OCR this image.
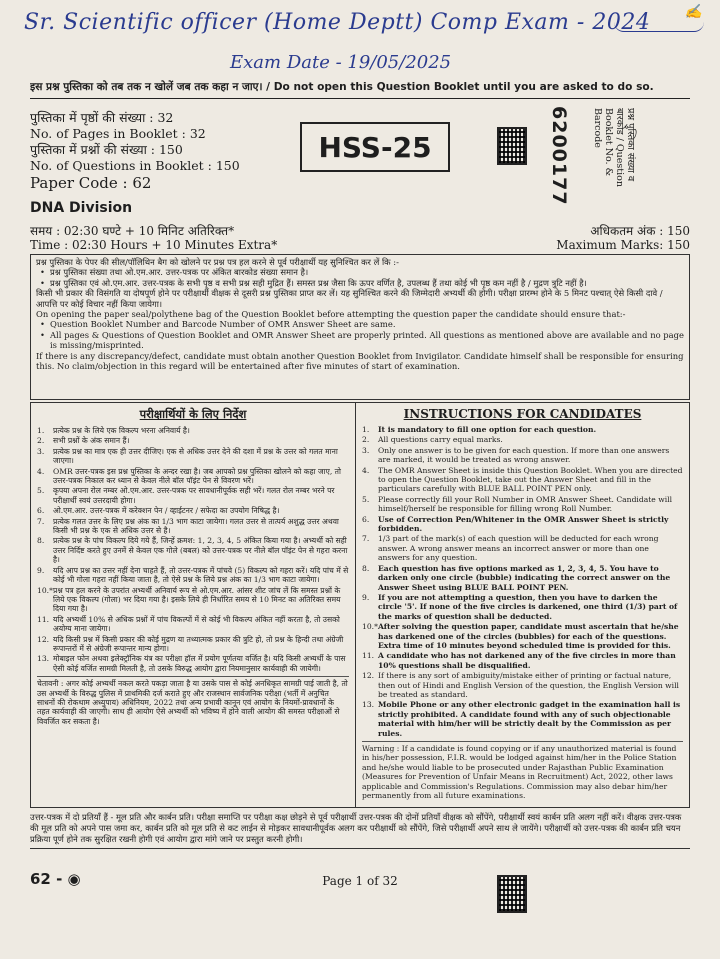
Sr. Scientific officer (Home Deptt) Comp Exam - 2024
Exam Date - 19/05/2025
✍
इस प्रश्न पुस्तिका को तब तक न खोलें जब तक कहा न जाए। / Do not open this Question Booklet until you are asked to do so.
पुस्तिका में पृष्ठों की संख्या : 32
No. of Pages in Booklet : 32
पुस्तिका में प्रश्नों की संख्या : 150
No. of Questions in Booklet : 150
Paper Code : 62
HSS-25	6200177	प्रश्न पुस्तिका संख्या व बारकोड / Question Booklet No. & Barcode
DNA Division
समय : 02:30 घण्टे + 10 मिनिट अतिरिक्त*	अधिकतम अंक : 150
Time : 02:30 Hours + 10 Minutes Extra*	Maximum Marks: 150

प्रश्न पुस्तिका के पेपर की सील/पॉलिथिन बैग को खोलने पर प्रश्न पत्र हल करने से पूर्व परीक्षार्थी यह सुनिश्चित कर लें कि :-

• प्रश्न पुस्तिका संख्या तथा ओ.एम.आर. उत्तर-पत्रक पर अंकित बारकोड संख्या समान है।

• प्रश्न पुस्तिका एवं ओ.एम.आर. उत्तर-पत्रक के सभी पृष्ठ व सभी प्रश्न सही मुद्रित हैं। समस्त प्रश्न जैसा कि ऊपर वर्णित है, उपलब्ध हैं तथा कोई भी पृष्ठ कम नहीं है / मुद्रण त्रुटि नहीं है।

किसी भी प्रकार की विसंगति या दोषपूर्ण होने पर परीक्षार्थी वीक्षक से दूसरी प्रश्न पुस्तिका प्राप्त कर लें। यह सुनिश्चित करने की जिम्मेदारी अभ्यर्थी की होगी। परीक्षा प्रारम्भ होने के 5 मिनट पश्चात् ऐसे किसी दावे / आपत्ति पर कोई विचार नहीं किया जायेगा।

On opening the paper seal/polythene bag of the Question Booklet before attempting the question paper the candidate should ensure that:-

• Question Booklet Number and Barcode Number of OMR Answer Sheet are same.

• All pages & Questions of Question Booklet and OMR Answer Sheet are properly printed. All questions as mentioned above are available and no page is missing/misprinted.

If there is any discrepancy/defect, candidate must obtain another Question Booklet from Invigilator. Candidate himself shall be responsible for ensuring this. No claim/objection in this regard will be entertained after five minutes of start of examination.

परीक्षार्थियों के लिए निर्देश
1. प्रत्येक प्रश्न के लिये एक विकल्प भरना अनिवार्य है।
2. सभी प्रश्नों के अंक समान हैं।
3. प्रत्येक प्रश्न का मात्र एक ही उत्तर दीजिए। एक से अधिक उत्तर देने की दशा में प्रश्न के उत्तर को गलत माना जाएगा।
4. OMR उत्तर-पत्रक इस प्रश्न पुस्तिका के अन्दर रखा है। जब आपको प्रश्न पुस्तिका खोलने को कहा जाए, तो उत्तर-पत्रक निकाल कर ध्यान से केवल नीले बॉल पॉइंट पेन से विवरण भरें।
5. कृपया अपना रोल नम्बर ओ.एम.आर. उत्तर-पत्रक पर सावधानीपूर्वक सही भरें। गलत रोल नम्बर भरने पर परीक्षार्थी स्वयं उत्तरदायी होगा।
6. ओ.एम.आर. उत्तर-पत्रक में करेक्शन पेन / व्हाईटनर / सफेदा का उपयोग निषिद्ध है।
7. प्रत्येक गलत उत्तर के लिए प्रश्न अंक का 1/3 भाग काटा जायेगा। गलत उत्तर से तात्पर्य अशुद्ध उत्तर अथवा किसी भी प्रश्न के एक से अधिक उत्तर से है।
8. प्रत्येक प्रश्न के पांच विकल्प दिये गये हैं, जिन्हें क्रमश: 1, 2, 3, 4, 5 अंकित किया गया है। अभ्यर्थी को सही उत्तर निर्दिष्ट करते हुए उनमें से केवल एक गोले (बबल) को उत्तर-पत्रक पर नीले बॉल पॉइंट पेन से गहरा करना है।
9. यदि आप प्रश्न का उत्तर नहीं देना चाहते हैं, तो उत्तर-पत्रक में पांचवे (5) विकल्प को गहरा करें। यदि पांच में से कोई भी गोला गहरा नहीं किया जाता है, तो ऐसे प्रश्न के लिये प्रश्न अंक का 1/3 भाग काटा जायेगा।
10.* प्रश्न पत्र हल करने के उपरांत अभ्यर्थी अनिवार्य रूप से ओ.एम.आर. आंसर शीट जांच लें कि समस्त प्रश्नों के लिये एक विकल्प (गोला) भर दिया गया है। इसके लिये ही निर्धारित समय से 10 मिनट का अतिरिक्त समय दिया गया है।
11. यदि अभ्यर्थी 10% से अधिक प्रश्नों में पांच विकल्पों में से कोई भी विकल्प अंकित नहीं करता है, तो उसको अयोग्य माना जायेगा।
12. यदि किसी प्रश्न में किसी प्रकार की कोई मुद्रण या तथ्यात्मक प्रकार की त्रुटि हो, तो प्रश्न के हिन्दी तथा अंग्रेजी रूपान्तरों में से अंग्रेजी रूपान्तर मान्य होगा।
13. मोबाइल फोन अथवा इलेक्ट्रॉनिक यंत्र का परीक्षा हॉल में प्रयोग पूर्णतया वर्जित है। यदि किसी अभ्यर्थी के पास ऐसी कोई वर्जित सामग्री मिलती है, तो उसके विरुद्ध आयोग द्वारा नियमानुसार कार्यवाही की जायेगी।
चेतावनी : अगर कोई अभ्यर्थी नकल करते पकड़ा जाता है या उसके पास से कोई अनधिकृत सामग्री पाई जाती है, तो उस अभ्यर्थी के विरुद्ध पुलिस में प्राथमिकी दर्ज कराते हुए और राजस्थान सार्वजनिक परीक्षा (भर्ती में अनुचित साधनों की रोकथाम अध्युपाय) अधिनियम, 2022 तथा अन्य प्रभावी कानून एवं आयोग के नियमों-प्रावधानों के तहत कार्यवाही की जाएगी। साथ ही आयोग ऐसे अभ्यर्थी को भविष्य में होने वाली आयोग की समस्त परीक्षाओं से विवर्जित कर सकता है।
INSTRUCTIONS FOR CANDIDATES
1. It is mandatory to fill one option for each question.
2. All questions carry equal marks.
3. Only one answer is to be given for each question. If more than one answers are marked, it would be treated as wrong answer.
4. The OMR Answer Sheet is inside this Question Booklet. When you are directed to open the Question Booklet, take out the Answer Sheet and fill in the particulars carefully with BLUE BALL POINT PEN only.
5. Please correctly fill your Roll Number in OMR Answer Sheet. Candidate will himself/herself be responsible for filling wrong Roll Number.
6. Use of Correction Pen/Whitener in the OMR Answer Sheet is strictly forbidden.
7. 1/3 part of the mark(s) of each question will be deducted for each wrong answer. A wrong answer means an incorrect answer or more than one answers for any question.
8. Each question has five options marked as 1, 2, 3, 4, 5. You have to darken only one circle (bubble) indicating the correct answer on the Answer Sheet using BLUE BALL POINT PEN.
9. If you are not attempting a question, then you have to darken the circle '5'. If none of the five circles is darkened, one third (1/3) part of the marks of question shall be deducted.
10.* After solving the question paper, candidate must ascertain that he/she has darkened one of the circles (bubbles) for each of the questions. Extra time of 10 minutes beyond scheduled time is provided for this.
11. A candidate who has not darkened any of the five circles in more than 10% questions shall be disqualified.
12. If there is any sort of ambiguity/mistake either of printing or factual nature, then out of Hindi and English Version of the question, the English Version will be treated as standard.
13. Mobile Phone or any other electronic gadget in the examination hall is strictly prohibited. A candidate found with any of such objectionable material with him/her will be strictly dealt by the Commission as per rules.
Warning : If a candidate is found copying or if any unauthorized material is found in his/her possession, F.I.R. would be lodged against him/her in the Police Station and he/she would liable to be prosecuted under Rajasthan Public Examination (Measures for Prevention of Unfair Means in Recruitment) Act, 2022, other laws applicable and Commission's Regulations. Commission may also debar him/her permanently from all future examinations.
उत्तर-पत्रक में दो प्रतियाँ हैं - मूल प्रति और कार्बन प्रति। परीक्षा समाप्ति पर परीक्षा कक्ष छोड़ने से पूर्व परीक्षार्थी उत्तर-पत्रक की दोनों प्रतियाँ वीक्षक को सौंपेंगे, परीक्षार्थी स्वयं कार्बन प्रति अलग नहीं करें। वीक्षक उत्तर-पत्रक की मूल प्रति को अपने पास जमा कर, कार्बन प्रति को मूल प्रति से कट लाईन से मोड़कर सावधानीपूर्वक अलग कर परीक्षार्थी को सौंपेंगे, जिसे परीक्षार्थी अपने साथ ले जायेंगे। परीक्षार्थी को उत्तर-पत्रक की कार्बन प्रति चयन प्रक्रिया पूर्ण होने तक सुरक्षित रखनी होगी एवं आयोग द्वारा मांगे जाने पर प्रस्तुत करनी होगी।
62 - ◉	Page 1 of 32
